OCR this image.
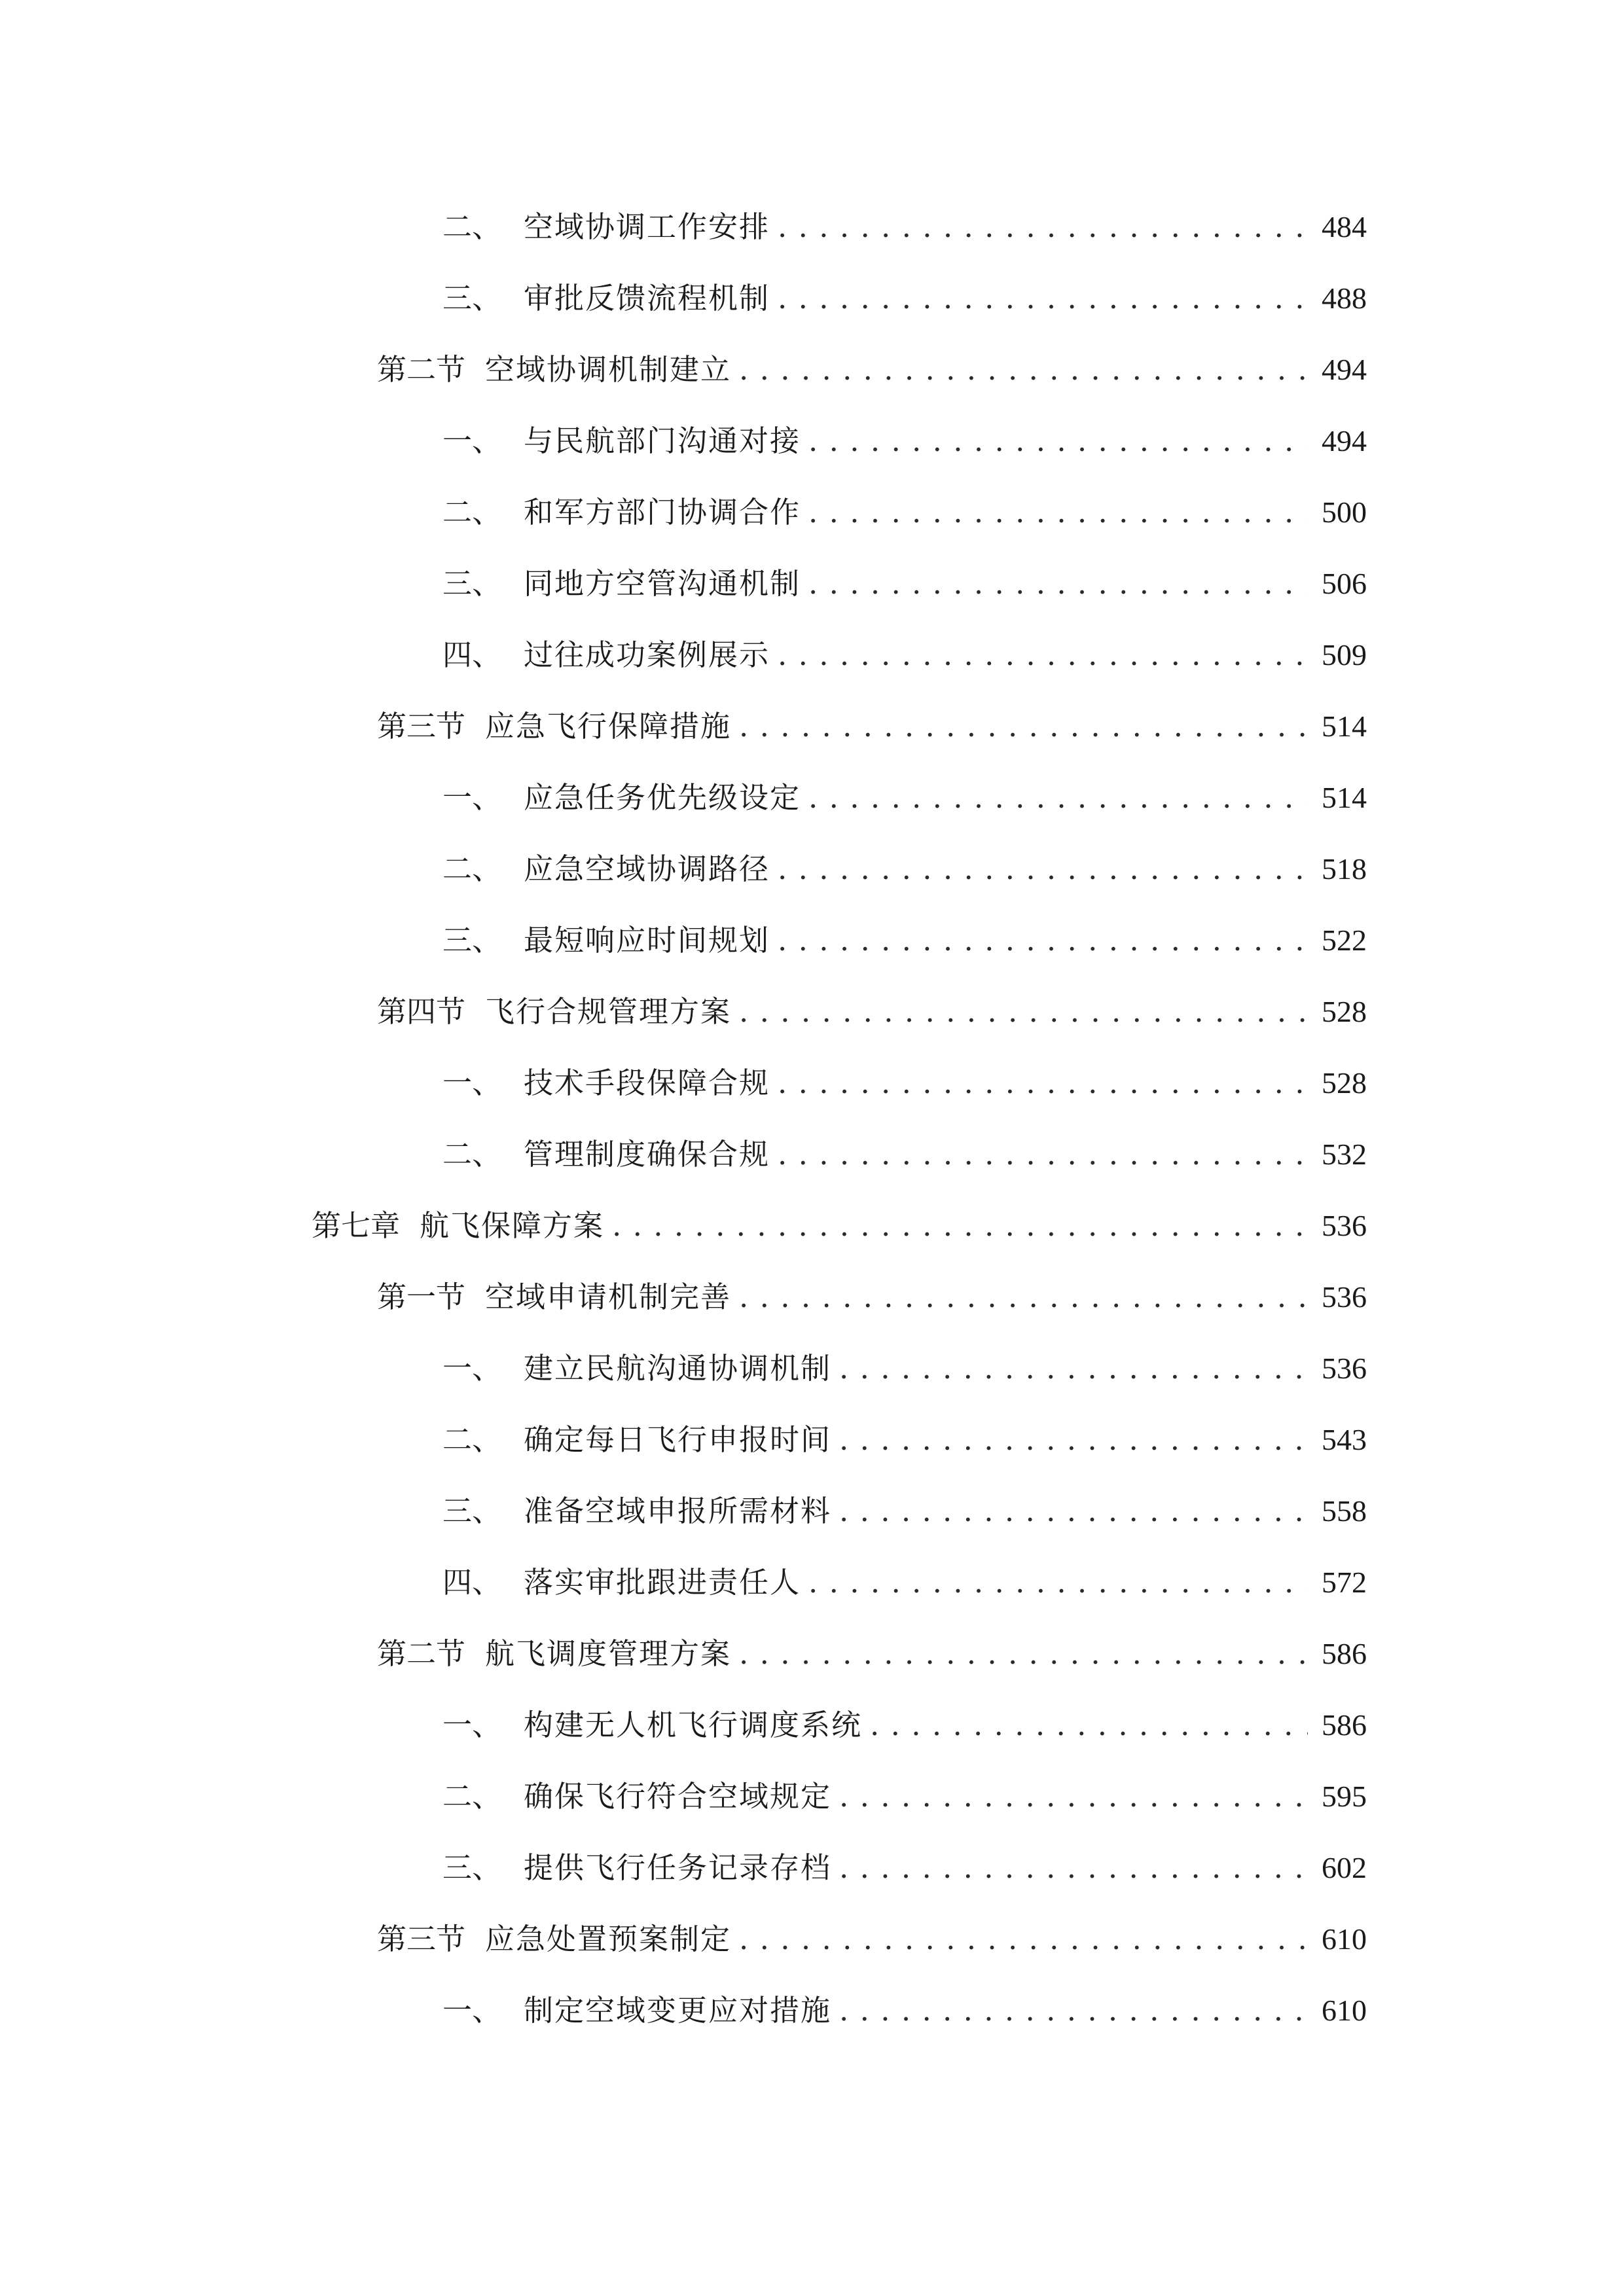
二、 空域协调工作安排 . . .	484
三、 审批反馈流程机制 . . .	488
第二节 空域协调机制建立 . . .	494
一、 与民航部门沟通对接 . . .	494
二、 和军方部门协调合作 . . .	500
三、 同地方空管沟通机制 . . .	506
四、 过往成功案例展示 . . .	509
第三节 应急飞行保障措施 . . .	514
一、 应急任务优先级设定 . . .	514
二、 应急空域协调路径 . . .	518
三、 最短响应时间规划 . . .	522
第四节 飞行合规管理方案 . . .	528
一、 技术手段保障合规 . . .	528
二、 管理制度确保合规 . . .	532
第七章 航飞保障方案 . . .	536
第一节 空域申请机制完善 . . .	536
一、 建立民航沟通协调机制 . . .	536
二、 确定每日飞行申报时间 . . .	543
三、 准备空域申报所需材料 . . .	558
四、 落实审批跟进责任人 . . .	572
第二节 航飞调度管理方案 . . .	586
一、 构建无人机飞行调度系统 . . .	586
二、 确保飞行符合空域规定 . . .	595
三、 提供飞行任务记录存档 . . .	602
第三节 应急处置预案制定 . . .	610
一、 制定空域变更应对措施 . . .	610
